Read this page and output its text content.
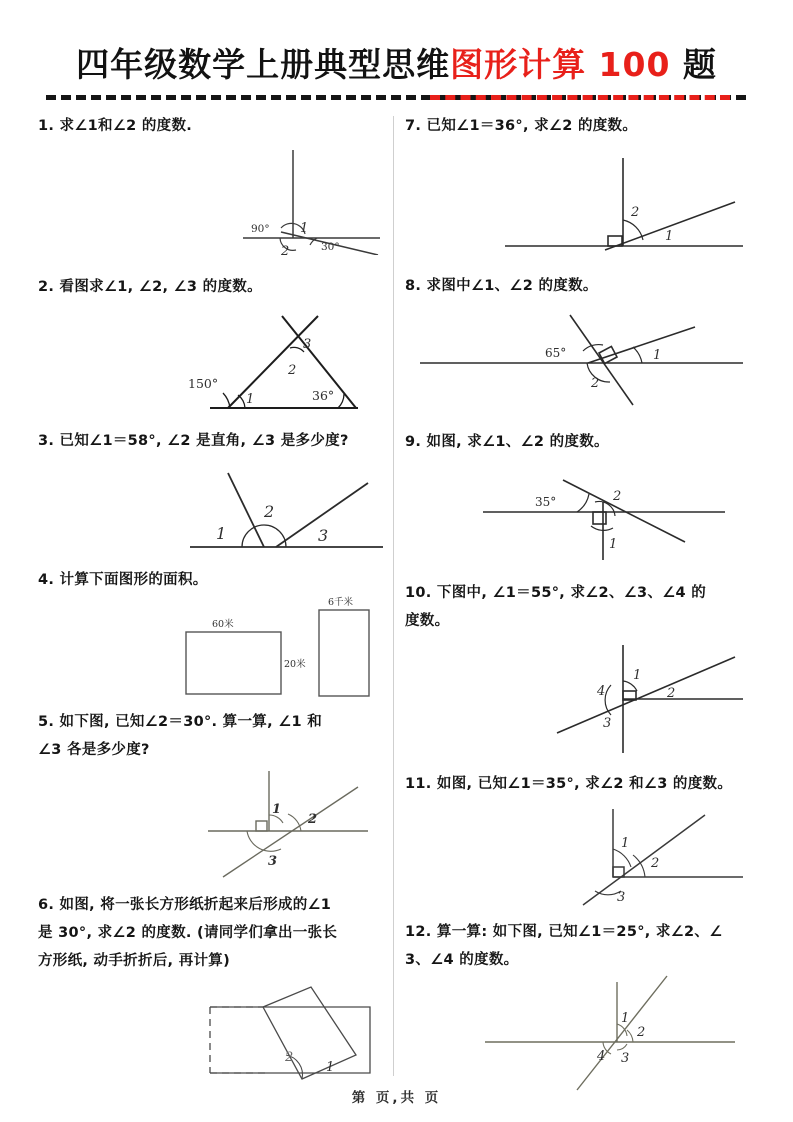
四年级数学上册典型思维图形计算 100 题
1. 求∠1和∠2 的度数.
90° 1
2	30°
2. 看图求∠1, ∠2, ∠3 的度数。
150°
1
2
3
36°
3. 已知∠1＝58°, ∠2 是直角, ∠3 是多少度?
1
2
3
4. 计算下面图形的面积。
60米
20米
6千米
5. 如下图, 已知∠2＝30°. 算一算, ∠1 和
∠3 各是多少度?
1
2
3
6. 如图, 将一张长方形纸折起来后形成的∠1
是 30°, 求∠2 的度数. (请同学们拿出一张长
方形纸, 动手折折后, 再计算)
2
1
7. 已知∠1＝36°, 求∠2 的度数。
2
1
8. 求图中∠1、∠2 的度数。
65°	1
2
9. 如图, 求∠1、∠2 的度数。
35°	2
1
10. 下图中, ∠1＝55°, 求∠2、∠3、∠4 的
度数。
1
2
3
4
11. 如图, 已知∠1＝35°, 求∠2 和∠3 的度数。
1
2
3
12. 算一算: 如下图, 已知∠1＝25°, 求∠2、∠
3、∠4 的度数。
1
2
3
4
第 页,共 页
